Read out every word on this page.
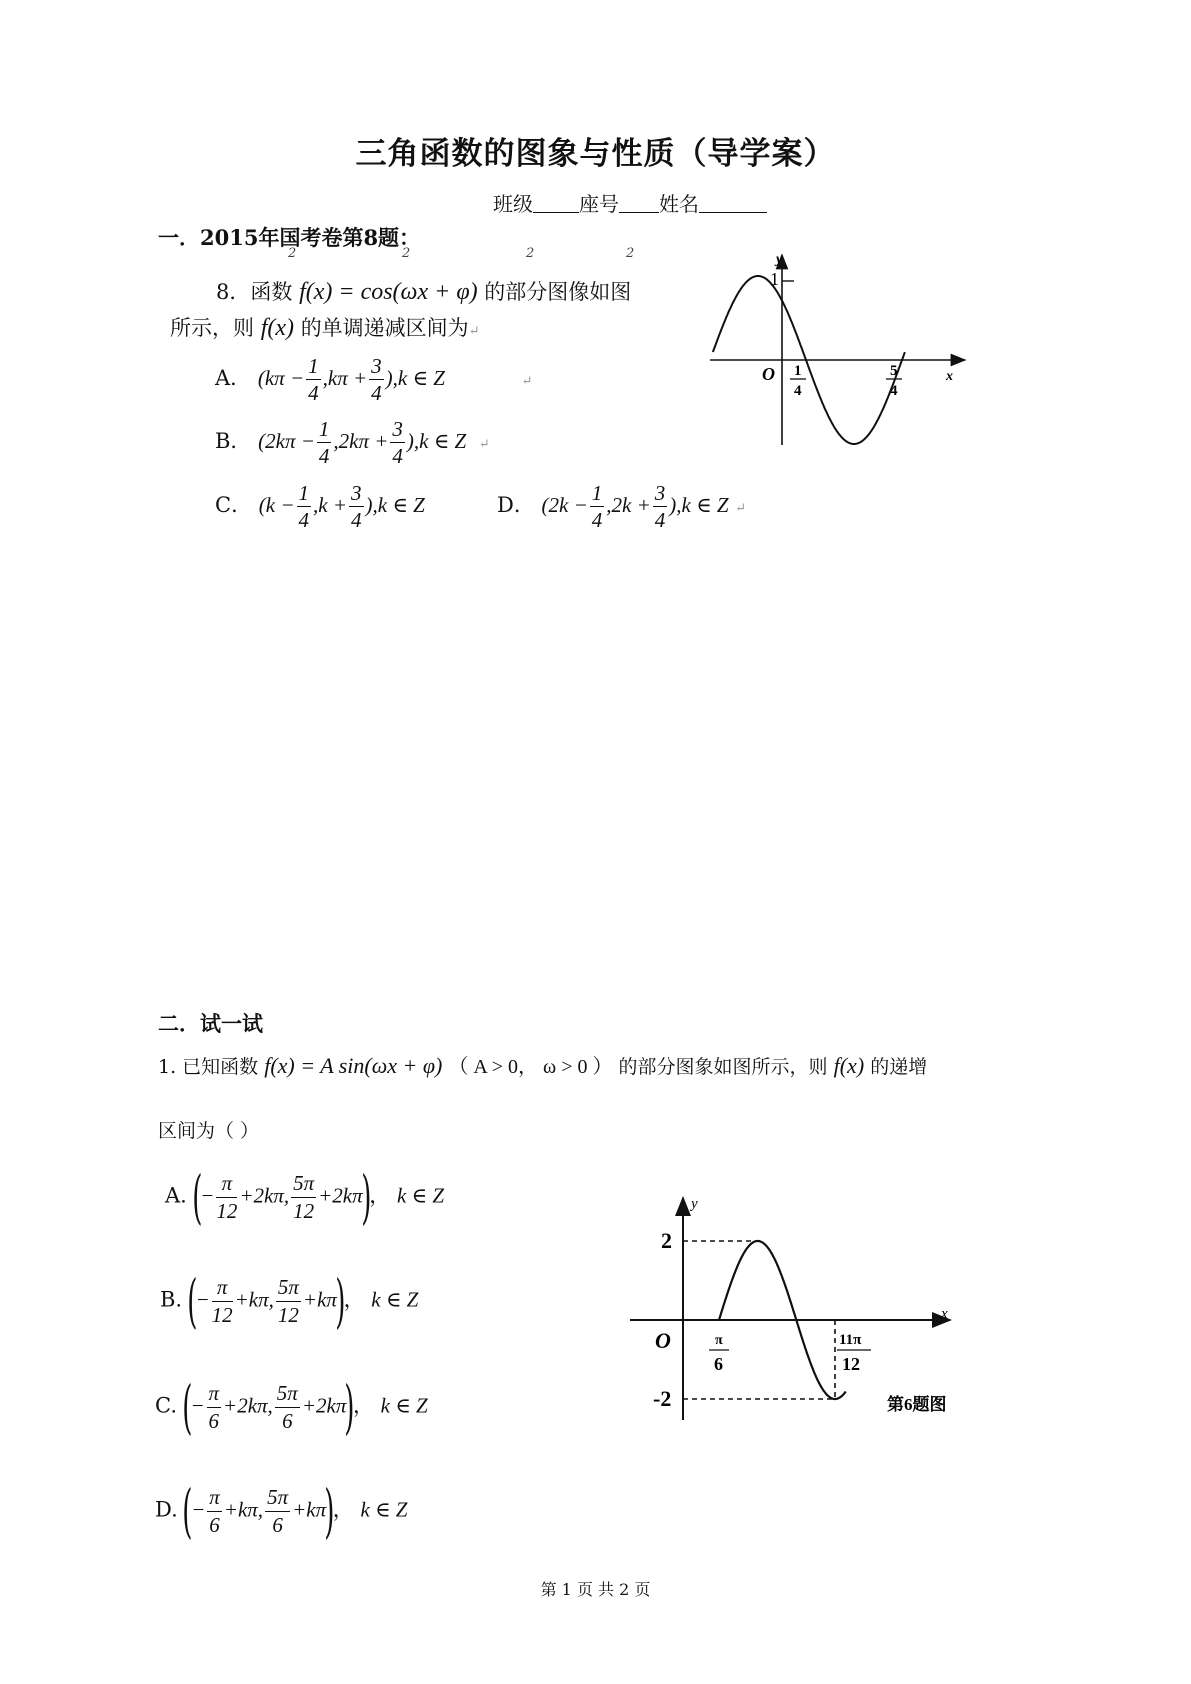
三角函数的图象与性质（导学案）
班级 座号 姓名
一．2015年国考卷第8题：
2	2	2	2
8．函数 f(x) = cos(ωx + φ) 的部分图像如图
所示，则 f(x) 的单调递减区间为↵
A． $(k\pi - \frac{1}{4} ,k\pi + \frac{3}{4} ),k$ ∈ Z	↵
B． $(2k\pi - \frac{1}{4} ,2k\pi + \frac{3}{4} ),k$ ∈ Z ↵
C． $(k - \frac{1}{4} ,k + \frac{3}{4} ),k$ ∈ Z	D． $(2k - \frac{1}{4} ,2k + \frac{3}{4} ),k$ ∈ Z ↵
1
y
x
O 1
4
5
4
二．试一试
1. 已知函数 f(x) = A sin(ωx + φ) （ A > 0， ω > 0 ） 的部分图象如图所示，则 f(x) 的递增
区间为（ ）
A. (− $\frac{\pi}{12} +2k\pi$, $\frac{5\pi}{12} +2k\pi$)， k ∈ Z
B. (− $\frac{\pi}{12} +k\pi$, $\frac{5\pi}{12} +k\pi$)， k ∈ Z
C. (− $\frac{\pi}{6} +2k\pi$, $\frac{5\pi}{6} +2k\pi$)， k ∈ Z
D. (− $\frac{\pi}{6} +k\pi$, $\frac{5\pi}{6} +k\pi$)， k ∈ Z
2
-2
O
y
x
π
6
11π
12
第6题图
第 1 页 共 2 页
